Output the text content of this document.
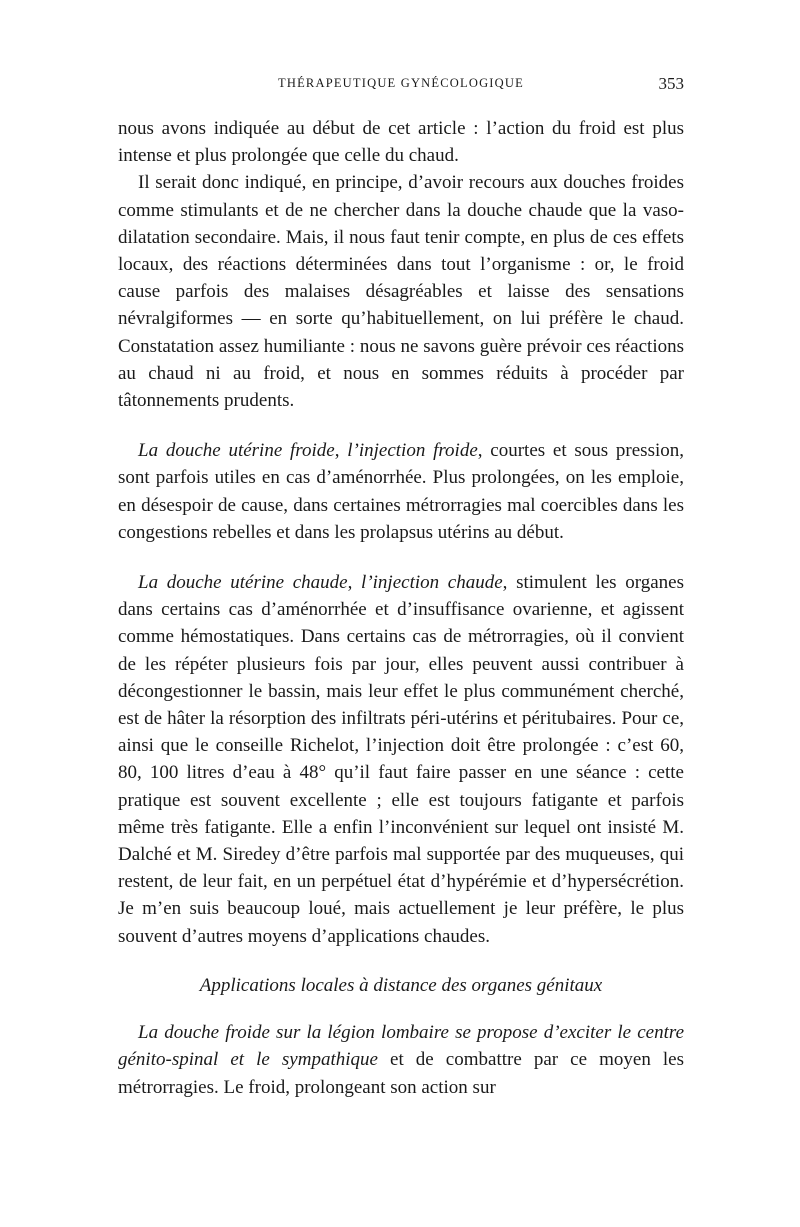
THÉRAPEUTIQUE GYNÉCOLOGIQUE	353

nous avons indiquée au début de cet article : l’action du froid est plus intense et plus prolongée que celle du chaud.

Il serait donc indiqué, en principe, d’avoir recours aux douches froides comme stimulants et de ne chercher dans la douche chaude que la vaso-dilatation secondaire. Mais, il nous faut tenir compte, en plus de ces effets locaux, des réactions déterminées dans tout l’organisme : or, le froid cause parfois des malaises désagréables et laisse des sensations névralgiformes — en sorte qu’habituellement, on lui préfère le chaud. Constatation assez humiliante : nous ne savons guère prévoir ces réactions au chaud ni au froid, et nous en sommes réduits à procéder par tâtonnements prudents.

La douche utérine froide, l’injection froide, courtes et sous pression, sont parfois utiles en cas d’aménorrhée. Plus prolongées, on les emploie, en désespoir de cause, dans certaines métrorragies mal coercibles dans les congestions rebelles et dans les prolapsus utérins au début.

La douche utérine chaude, l’injection chaude, stimulent les organes dans certains cas d’aménorrhée et d’insuffisance ovarienne, et agissent comme hémostatiques. Dans certains cas de métrorragies, où il convient de les répéter plusieurs fois par jour, elles peuvent aussi contribuer à décongestionner le bassin, mais leur effet le plus communément cherché, est de hâter la résorption des infiltrats péri-utérins et péritubaires. Pour ce, ainsi que le conseille Richelot, l’injection doit être prolongée : c’est 60, 80, 100 litres d’eau à 48° qu’il faut faire passer en une séance : cette pratique est souvent excellente ; elle est toujours fatigante et parfois même très fatigante. Elle a enfin l’inconvénient sur lequel ont insisté M. Dalché et M. Siredey d’être parfois mal supportée par des muqueuses, qui restent, de leur fait, en un perpétuel état d’hypérémie et d’hypersécrétion. Je m’en suis beaucoup loué, mais actuellement je leur préfère, le plus souvent d’autres moyens d’applications chaudes.

Applications locales à distance des organes génitaux

La douche froide sur la légion lombaire se propose d’exciter le centre génito-spinal et le sympathique et de combattre par ce moyen les métrorragies. Le froid, prolongeant son action sur
